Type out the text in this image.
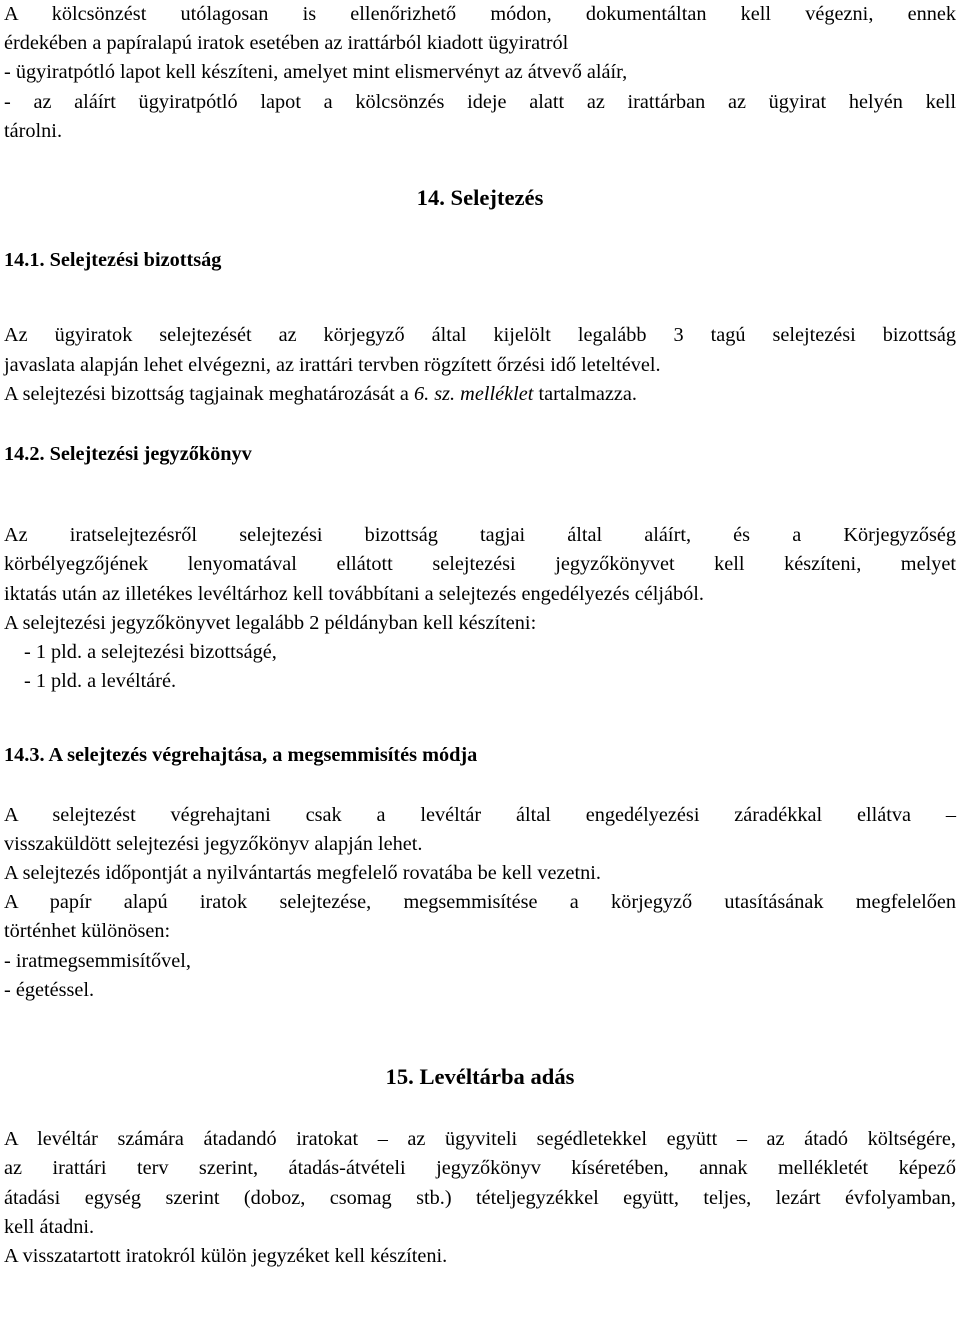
A kölcsönzést utólagosan is ellenőrizhető módon, dokumentáltan kell végezni, ennek

érdekében a papíralapú iratok esetében az irattárból kiadott ügyiratról

- ügyiratpótló lapot kell készíteni, amelyet mint elismervényt az átvevő aláír,

- az aláírt ügyiratpótló lapot a kölcsönzés ideje alatt az irattárban az ügyirat helyén kell

tárolni.

14. Selejtezés

14.1. Selejtezési bizottság

Az ügyiratok selejtezését az körjegyző által kijelölt legalább 3 tagú selejtezési bizottság

javaslata alapján lehet elvégezni, az irattári tervben rögzített őrzési idő leteltével.

A selejtezési bizottság tagjainak meghatározását a 6. sz. melléklet tartalmazza.

14.2. Selejtezési jegyzőkönyv

Az iratselejtezésről selejtezési bizottság tagjai által aláírt, és a Körjegyzőség

körbélyegzőjének lenyomatával ellátott selejtezési jegyzőkönyvet kell készíteni, melyet

iktatás után az illetékes levéltárhoz kell továbbítani a selejtezés engedélyezés céljából.

A selejtezési jegyzőkönyvet legalább 2 példányban kell készíteni:

- 1 pld. a selejtezési bizottságé,

- 1 pld. a levéltáré.

14.3. A selejtezés végrehajtása, a megsemmisítés módja

A selejtezést végrehajtani csak a levéltár által engedélyezési záradékkal ellátva –

visszaküldött selejtezési jegyzőkönyv alapján lehet.

A selejtezés időpontját a nyilvántartás megfelelő rovatába be kell vezetni.

A papír alapú iratok selejtezése, megsemmisítése a körjegyző utasításának megfelelően

történhet különösen:

- iratmegsemmisítővel,

- égetéssel.

15. Levéltárba adás

A levéltár számára átadandó iratokat – az ügyviteli segédletekkel együtt – az átadó költségére,

az irattári terv szerint, átadás-átvételi jegyzőkönyv kíséretében, annak mellékletét képező

átadási egység szerint (doboz, csomag stb.) tételjegyzékkel együtt, teljes, lezárt évfolyamban,

kell átadni.

A visszatartott iratokról külön jegyzéket kell készíteni.
